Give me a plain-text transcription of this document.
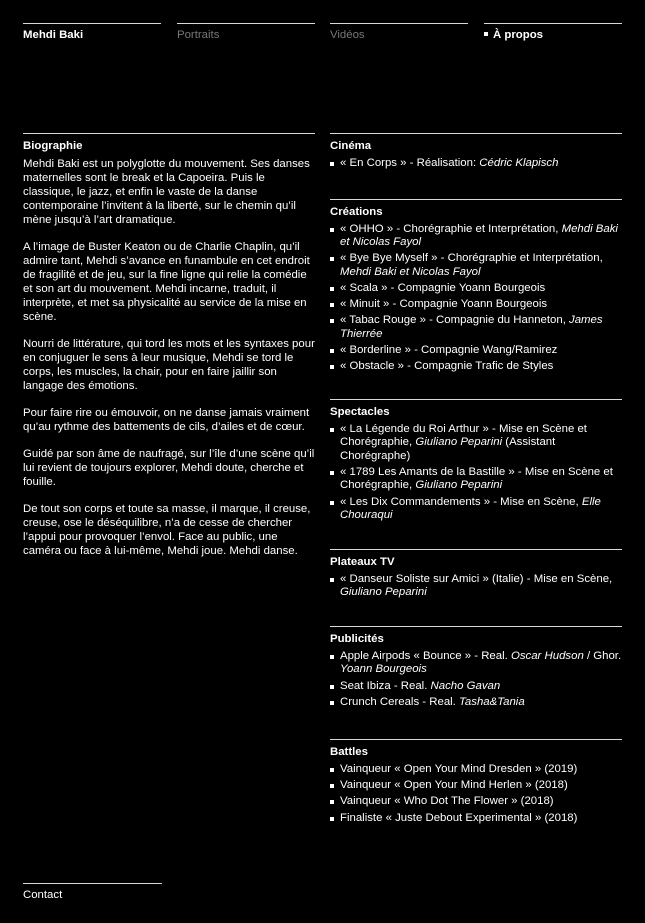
Mehdi Baki	Portraits	Vidéos	À propos
Biographie

Mehdi Baki est un polyglotte du mouvement. Ses danses maternelles sont le break et la Capoeira. Puis le classique, le jazz, et enfin le vaste de la danse contemporaine l’invitent à la liberté, sur le chemin qu’il mène jusqu’à l’art dramatique.

A l’image de Buster Keaton ou de Charlie Chaplin, qu’il admire tant, Mehdi s’avance en funambule en cet endroit de fragilité et de jeu, sur la fine ligne qui relie la comédie et son art du mouvement. Mehdi incarne, traduit, il interprète, et met sa physicalité au service de la mise en scène.

Nourri de littérature, qui tord les mots et les syntaxes pour en conjuguer le sens à leur musique, Mehdi se tord le corps, les muscles, la chair, pour en faire jaillir son langage des émotions.

Pour faire rire ou émouvoir, on ne danse jamais vraiment qu’au rythme des battements de cils, d’ailes et de cœur.

Guidé par son âme de naufragé, sur l’île d’une scène qu’il lui revient de toujours explorer, Mehdi doute, cherche et fouille.

De tout son corps et toute sa masse, il marque, il creuse, creuse, ose le déséquilibre, n’a de cesse de chercher l’appui pour provoquer l’envol. Face au public, une caméra ou face à lui-même, Mehdi joue. Mehdi danse.

Cinéma
« En Corps » - Réalisation: Cédric Klapisch
Créations
« OHHO » - Chorégraphie et Interprétation, Mehdi Baki et Nicolas Fayol
« Bye Bye Myself » - Chorégraphie et Interprétation, Mehdi Baki et Nicolas Fayol
« Scala » - Compagnie Yoann Bourgeois
« Minuit » - Compagnie Yoann Bourgeois
« Tabac Rouge » - Compagnie du Hanneton, James Thierrée
« Borderline » - Compagnie Wang/Ramirez
« Obstacle » - Compagnie Trafic de Styles
Spectacles
« La Légende du Roi Arthur » - Mise en Scène et Chorégraphie, Giuliano Peparini (Assistant Chorégraphe)
« 1789 Les Amants de la Bastille » - Mise en Scène et Chorégraphie, Giuliano Peparini
« Les Dix Commandements » - Mise en Scène, Elle Chouraqui
Plateaux TV
« Danseur Soliste sur Amici » (Italie) - Mise en Scène, Giuliano Peparini
Publicités
Apple Airpods « Bounce » - Real. Oscar Hudson / Ghor. Yoann Bourgeois
Seat Ibiza - Real. Nacho Gavan
Crunch Cereals - Real. Tasha&Tania
Battles
Vainqueur « Open Your Mind Dresden » (2019)
Vainqueur « Open Your Mind Herlen » (2018)
Vainqueur « Who Dot The Flower » (2018)
Finaliste « Juste Debout Experimental » (2018)
Contact
